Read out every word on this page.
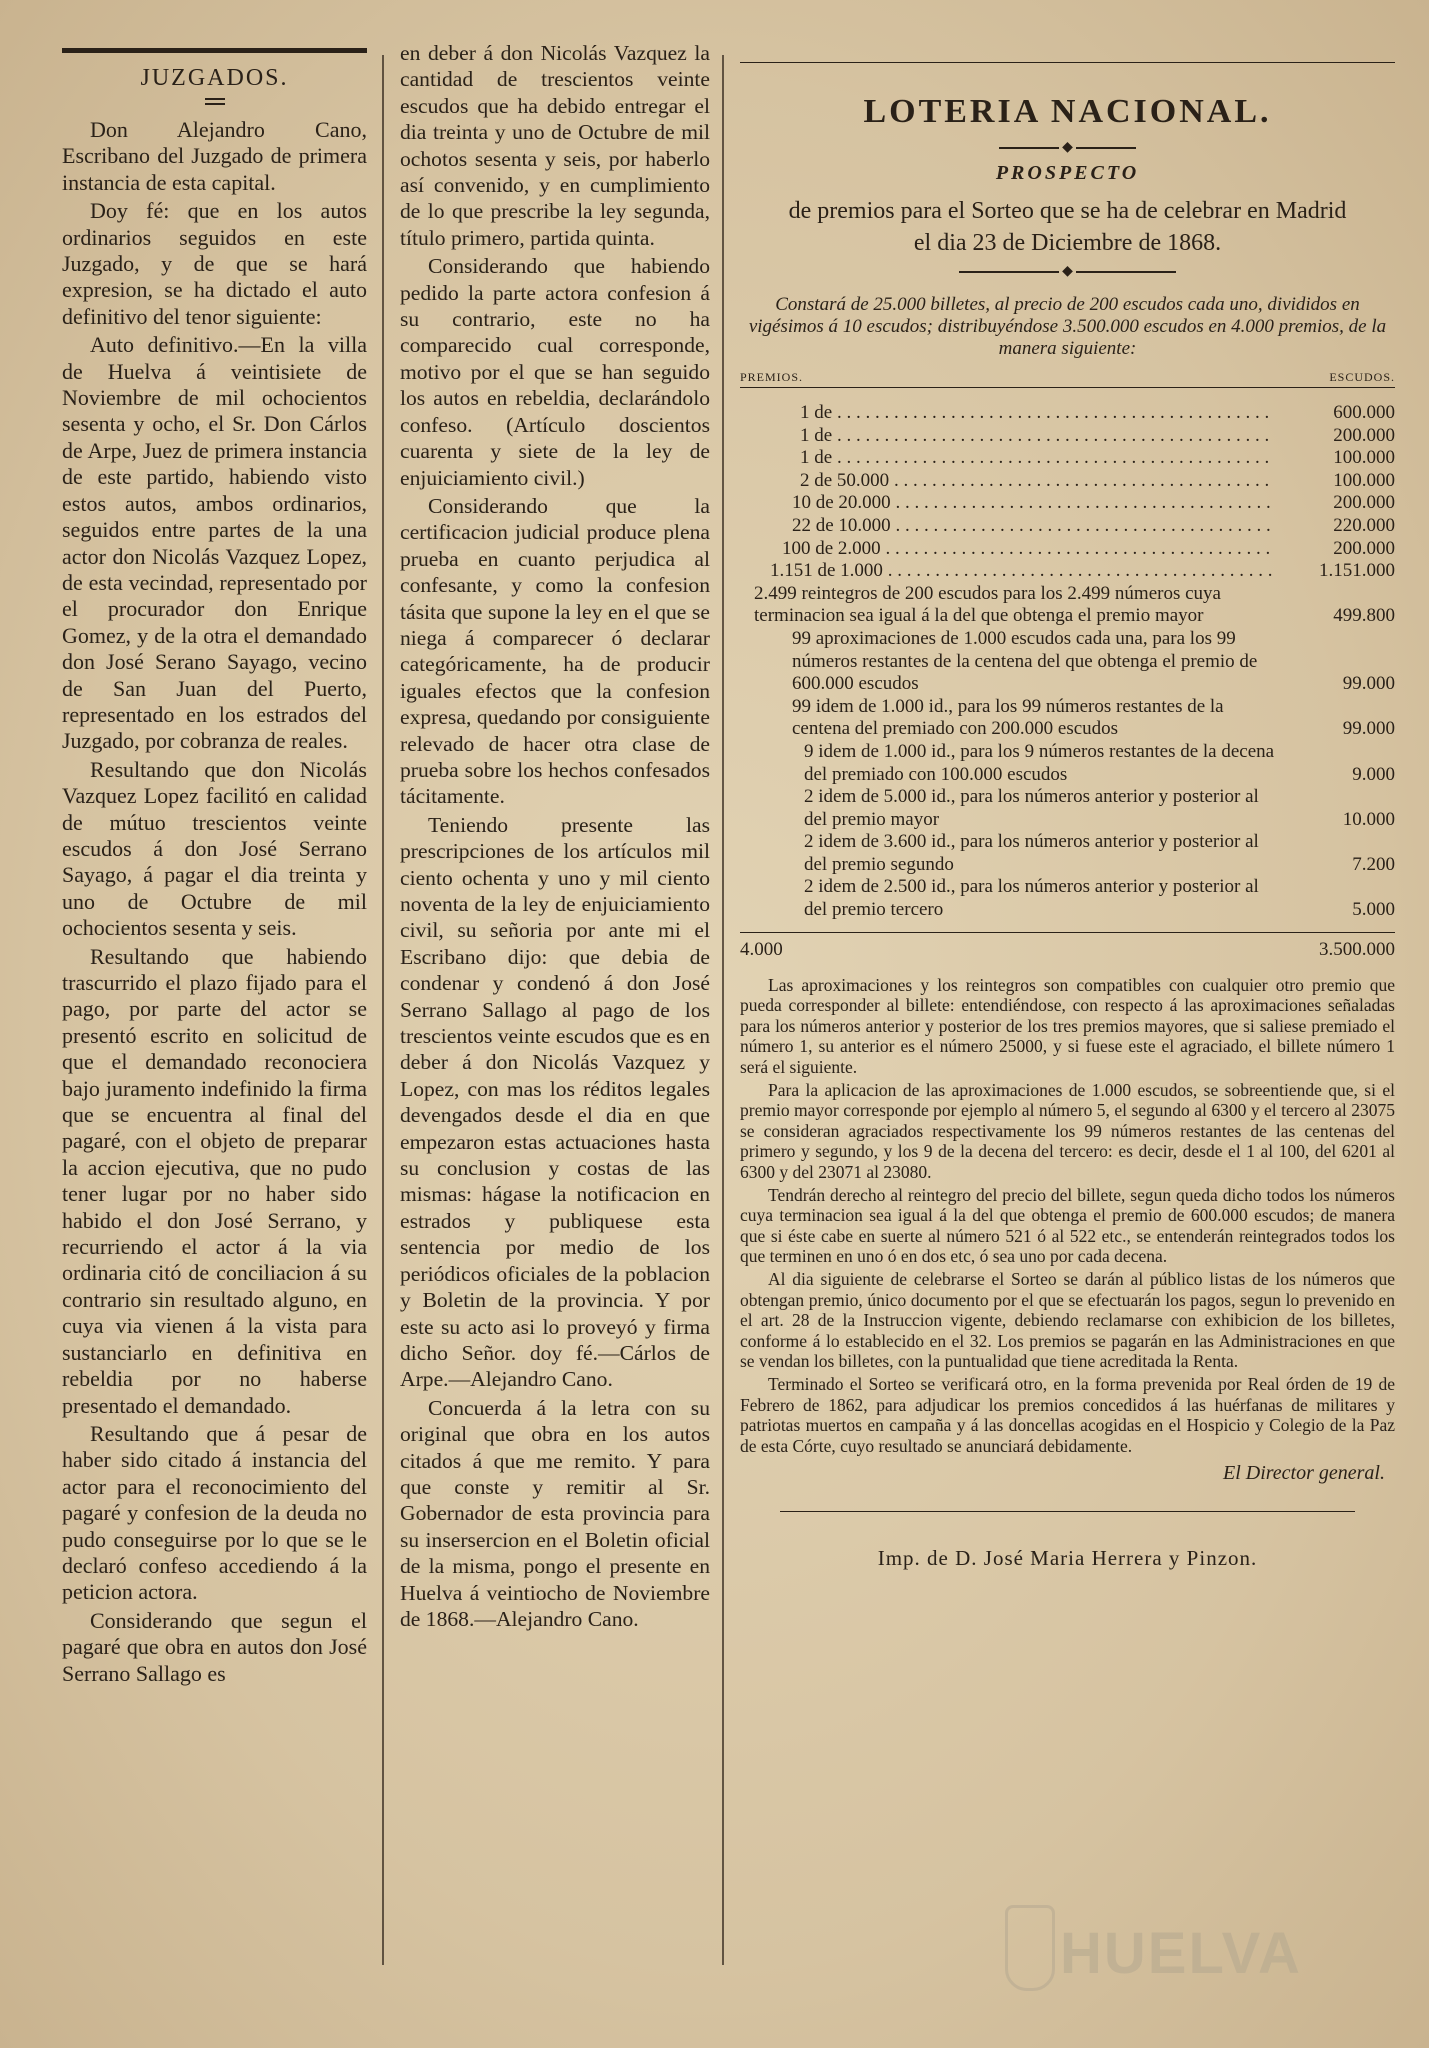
JUZGADOS.

Don Alejandro Cano, Escribano del Juzgado de primera instancia de esta capital.

Doy fé: que en los autos ordinarios seguidos en este Juzgado, y de que se hará expresion, se ha dictado el auto definitivo del tenor siguiente:

Auto definitivo.—En la villa de Huelva á veintisiete de Noviembre de mil ochocientos sesenta y ocho, el Sr. Don Cárlos de Arpe, Juez de primera instancia de este partido, habiendo visto estos autos, ambos ordinarios, seguidos entre partes de la una actor don Nicolás Vazquez Lopez, de esta vecindad, representado por el procurador don Enrique Gomez, y de la otra el demandado don José Serano Sayago, vecino de San Juan del Puerto, representado en los estrados del Juzgado, por cobranza de reales.

Resultando que don Nicolás Vazquez Lopez facilitó en calidad de mútuo trescientos veinte escudos á don José Serrano Sayago, á pagar el dia treinta y uno de Octubre de mil ochocientos sesenta y seis.

Resultando que habiendo trascurrido el plazo fijado para el pago, por parte del actor se presentó escrito en solicitud de que el demandado reconociera bajo juramento indefinido la firma que se encuentra al final del pagaré, con el objeto de preparar la accion ejecutiva, que no pudo tener lugar por no haber sido habido el don José Serrano, y recurriendo el actor á la via ordinaria citó de conciliacion á su contrario sin resultado alguno, en cuya via vienen á la vista para sustanciarlo en definitiva en rebeldia por no haberse presentado el demandado.

Resultando que á pesar de haber sido citado á instancia del actor para el reconocimiento del pagaré y confesion de la deuda no pudo conseguirse por lo que se le declaró confeso accediendo á la peticion actora.

Considerando que segun el pagaré que obra en autos don José Serrano Sallago es

en deber á don Nicolás Vazquez la cantidad de trescientos veinte escudos que ha debido entregar el dia treinta y uno de Octubre de mil ochotos sesenta y seis, por haberlo así convenido, y en cumplimiento de lo que prescribe la ley segunda, título primero, partida quinta.

Considerando que habiendo pedido la parte actora confesion á su contrario, este no ha comparecido cual corresponde, motivo por el que se han seguido los autos en rebeldia, declarándolo confeso. (Artículo doscientos cuarenta y siete de la ley de enjuiciamiento civil.)

Considerando que la certificacion judicial produce plena prueba en cuanto perjudica al confesante, y como la confesion tásita que supone la ley en el que se niega á comparecer ó declarar categóricamente, ha de producir iguales efectos que la confesion expresa, quedando por consiguiente relevado de hacer otra clase de prueba sobre los hechos confesados tácitamente.

Teniendo presente las prescripciones de los artículos mil ciento ochenta y uno y mil ciento noventa de la ley de enjuiciamiento civil, su señoria por ante mi el Escribano dijo: que debia de condenar y condenó á don José Serrano Sallago al pago de los trescientos veinte escudos que es en deber á don Nicolás Vazquez y Lopez, con mas los réditos legales devengados desde el dia en que empezaron estas actuaciones hasta su conclusion y costas de las mismas: hágase la notificacion en estrados y publiquese esta sentencia por medio de los periódicos oficiales de la poblacion y Boletin de la provincia. Y por este su acto asi lo proveyó y firma dicho Señor. doy fé.—Cárlos de Arpe.—Alejandro Cano.

Concuerda á la letra con su original que obra en los autos citados á que me remito. Y para que conste y remitir al Sr. Gobernador de esta provincia para su insersercion en el Boletin oficial de la misma, pongo el presente en Huelva á veintiocho de Noviembre de 1868.—Alejandro Cano.

LOTERIA NACIONAL.
◆
PROSPECTO
de premios para el Sorteo que se ha de celebrar en Madrid
el dia 23 de Diciembre de 1868.
◆
Constará de 25.000 billetes, al precio de 200 escudos cada uno, divididos en vigésimos á 10 escudos; distribuyéndose 3.500.000 escudos en 4.000 premios, de la manera siguiente:
PREMIOS.	ESCUDOS.
1 de . . .	600.000
1 de . . .	200.000
1 de . . .	100.000
2 de 50.000 . . .	100.000
10 de 20.000 . . .	200.000
22 de 10.000 . . .	220.000
100 de 2.000 . . .	200.000
1.151 de 1.000 . . .	1.151.000
2.499 reintegros de 200 escudos para los 2.499 números cuya terminacion sea igual á la del que obtenga el premio mayor	499.800
99 aproximaciones de 1.000 escudos cada una, para los 99 números restantes de la centena del que obtenga el premio de 600.000 escudos	99.000
99 idem de 1.000 id., para los 99 números restantes de la centena del premiado con 200.000 escudos	99.000
9 idem de 1.000 id., para los 9 números restantes de la decena del premiado con 100.000 escudos	9.000
2 idem de 5.000 id., para los números anterior y posterior al del premio mayor	10.000
2 idem de 3.600 id., para los números anterior y posterior al del premio segundo	7.200
2 idem de 2.500 id., para los números anterior y posterior al del premio tercero	5.000
4.000	3.500.000

Las aproximaciones y los reintegros son compatibles con cualquier otro premio que pueda corresponder al billete: entendiéndose, con respecto á las aproximaciones señaladas para los números anterior y posterior de los tres premios mayores, que si saliese premiado el número 1, su anterior es el número 25000, y si fuese este el agraciado, el billete número 1 será el siguiente.

Para la aplicacion de las aproximaciones de 1.000 escudos, se sobreentiende que, si el premio mayor corresponde por ejemplo al número 5, el segundo al 6300 y el tercero al 23075 se consideran agraciados respectivamente los 99 números restantes de las centenas del primero y segundo, y los 9 de la decena del tercero: es decir, desde el 1 al 100, del 6201 al 6300 y del 23071 al 23080.

Tendrán derecho al reintegro del precio del billete, segun queda dicho todos los números cuya terminacion sea igual á la del que obtenga el premio de 600.000 escudos; de manera que si éste cabe en suerte al número 521 ó al 522 etc., se entenderán reintegrados todos los que terminen en uno ó en dos etc, ó sea uno por cada decena.

Al dia siguiente de celebrarse el Sorteo se darán al público listas de los números que obtengan premio, único documento por el que se efectuarán los pagos, segun lo prevenido en el art. 28 de la Instruccion vigente, debiendo reclamarse con exhibicion de los billetes, conforme á lo establecido en el 32. Los premios se pagarán en las Administraciones en que se vendan los billetes, con la puntualidad que tiene acreditada la Renta.

Terminado el Sorteo se verificará otro, en la forma prevenida por Real órden de 19 de Febrero de 1862, para adjudicar los premios concedidos á las huérfanas de militares y patriotas muertos en campaña y á las doncellas acogidas en el Hospicio y Colegio de la Paz de esta Córte, cuyo resultado se anunciará debidamente.

El Director general.
Imp. de D. José Maria Herrera y Pinzon.
HUELVA
